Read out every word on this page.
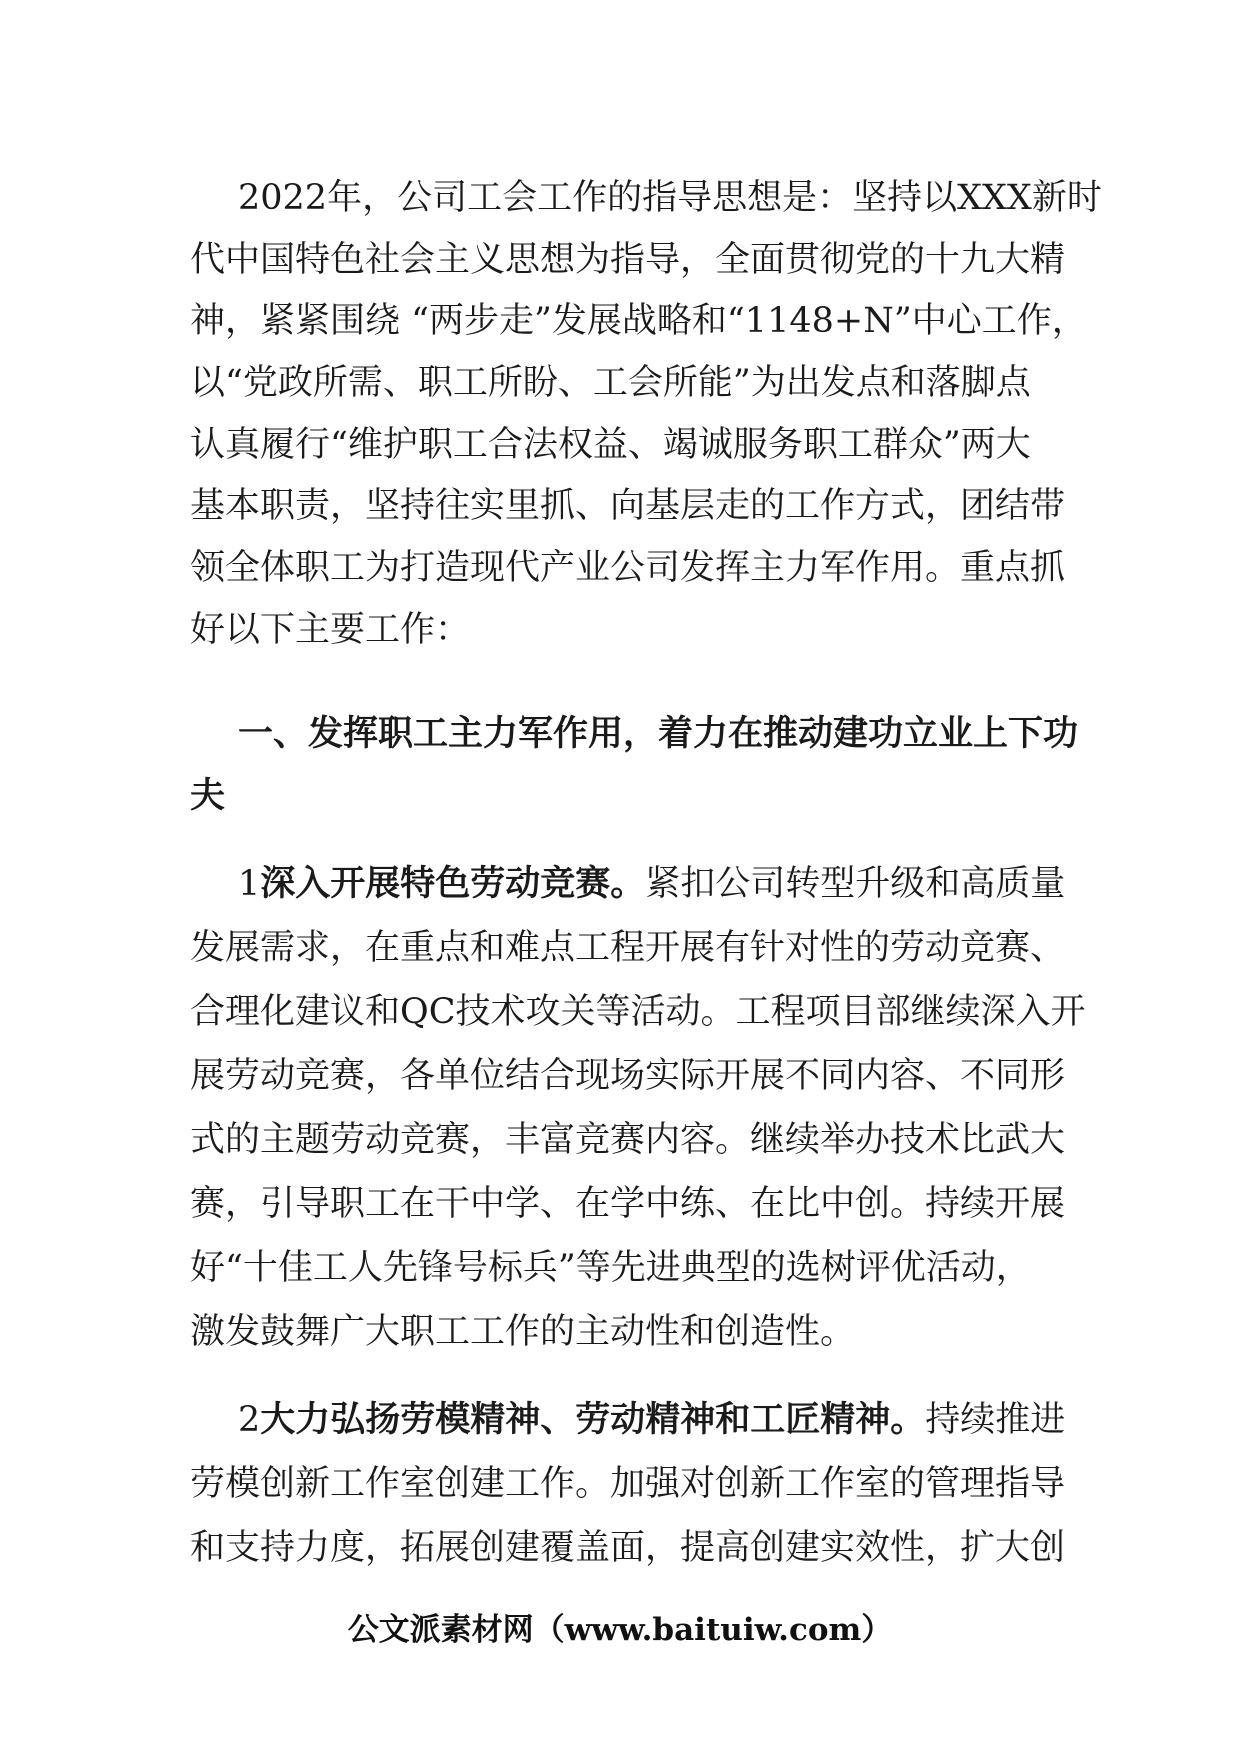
2022年，公司工会工作的指导思想是：坚持以XXX新时
代中国特色社会主义思想为指导，全面贯彻党的十九大精
神，紧紧围绕 “两步走”发展战略和“1148+N”中心工作，
以“党政所需、职工所盼、工会所能”为出发点和落脚点
认真履行“维护职工合法权益、竭诚服务职工群众”两大
基本职责，坚持往实里抓、向基层走的工作方式，团结带
领全体职工为打造现代产业公司发挥主力军作用。重点抓
好以下主要工作：
一、发挥职工主力军作用，着力在推动建功立业上下功
夫
1深入开展特色劳动竞赛。紧扣公司转型升级和高质量
发展需求，在重点和难点工程开展有针对性的劳动竞赛、
合理化建议和QC技术攻关等活动。工程项目部继续深入开
展劳动竞赛，各单位结合现场实际开展不同内容、不同形
式的主题劳动竞赛，丰富竞赛内容。继续举办技术比武大
赛，引导职工在干中学、在学中练、在比中创。持续开展
好“十佳工人先锋号标兵”等先进典型的选树评优活动，
激发鼓舞广大职工工作的主动性和创造性。
2大力弘扬劳模精神、劳动精神和工匠精神。持续推进
劳模创新工作室创建工作。加强对创新工作室的管理指导
和支持力度，拓展创建覆盖面，提高创建实效性，扩大创
公文派素材网（www.baituiw.com）
